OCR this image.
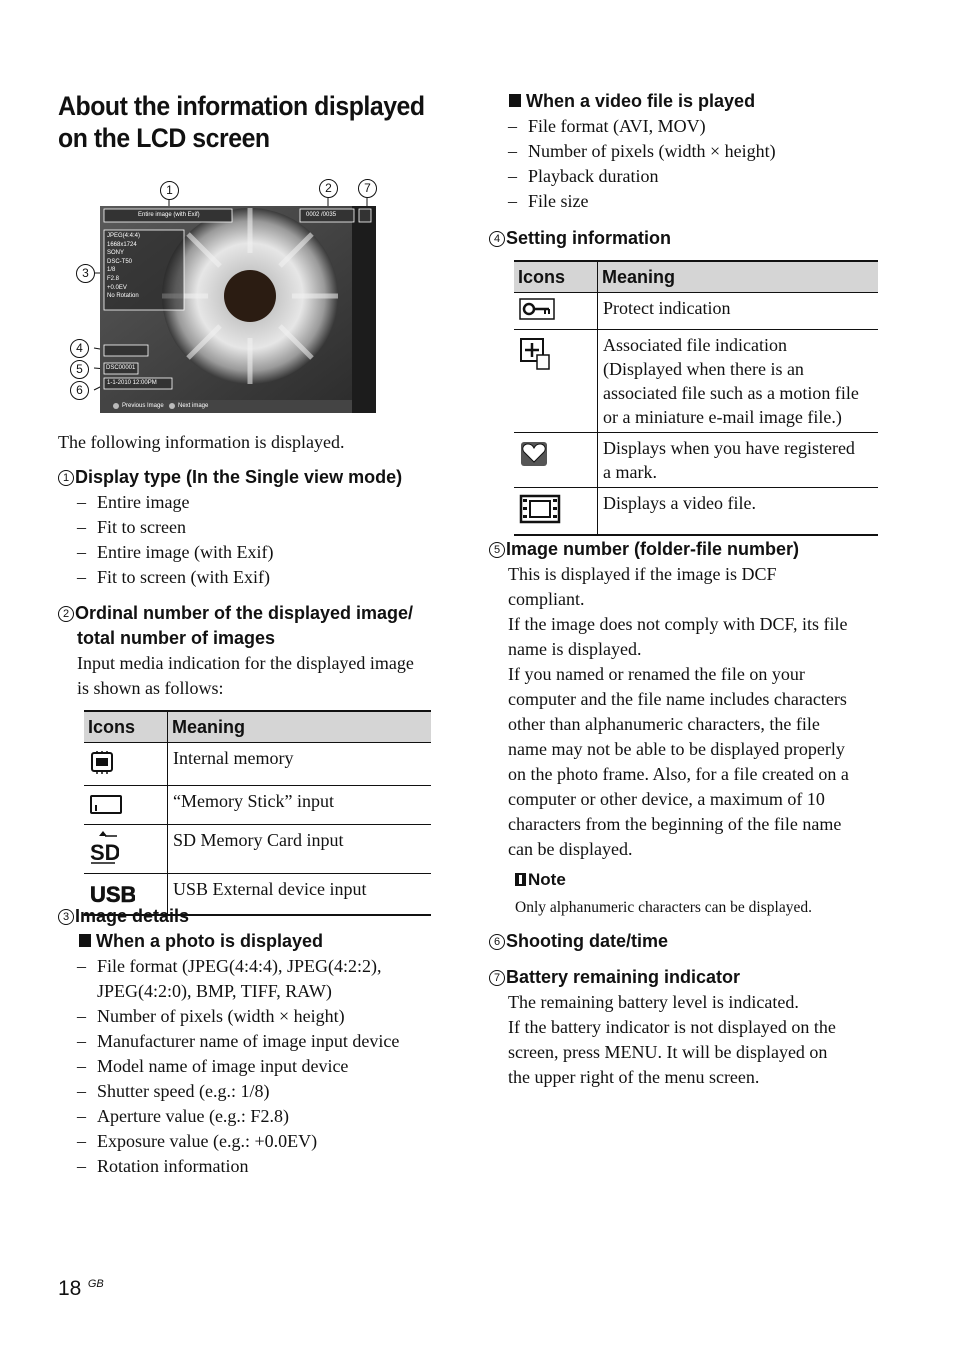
About the information displayed
on the LCD screen
1	2	7
3
4
5
6
Entire image (with Exif)	0002 /0035
JPEG(4:4:4)
1668x1724
SONY
DSC-T50
1/8
F2.8
+0.0EV
No Rotation
DSC00001
1-1-2010 12:00PM
Previous Image Next image
The following information is displayed.
1 Display type (In the Single view mode)
– Entire image
– Fit to screen
– Entire image (with Exif)
– Fit to screen (with Exif)
2 Ordinal number of the displayed image/
total number of images
Input media indication for the displayed image
is shown as follows:
Icons	Meaning
	Internal memory
	“Memory Stick” input

SD	SD Memory Card input

USB	USB External device input
3 Image details
When a photo is displayed
– File format (JPEG(4:4:4), JPEG(4:2:2),
JPEG(4:2:0), BMP, TIFF, RAW)
– Number of pixels (width × height)
– Manufacturer name of image input device
– Model name of image input device
– Shutter speed (e.g.: 1/8)
– Aperture value (e.g.: F2.8)
– Exposure value (e.g.: +0.0EV)
– Rotation information
When a video file is played
– File format (AVI, MOV)
– Number of pixels (width × height)
– Playback duration
– File size
4 Setting information
Icons	Meaning
	Protect indication

Associated file indication
(Displayed when there is an
associated file such as a motion file
or a miniature e-mail image file.)

Displays when you have registered
a mark.

	Displays a video file.
5 Image number (folder-file number)
This is displayed if the image is DCF
compliant.
If the image does not comply with DCF, its file
name is displayed.
If you named or renamed the file on your
computer and the file name includes characters
other than alphanumeric characters, the file
name may not be able to be displayed properly
on the photo frame. Also, for a file created on a
computer or other device, a maximum of 10
characters from the beginning of the file name
can be displayed.
Note
Only alphanumeric characters can be displayed.
6 Shooting date/time
7 Battery remaining indicator
The remaining battery level is indicated.
If the battery indicator is not displayed on the
screen, press MENU. It will be displayed on
the upper right of the menu screen.
18 $^{GB}$
